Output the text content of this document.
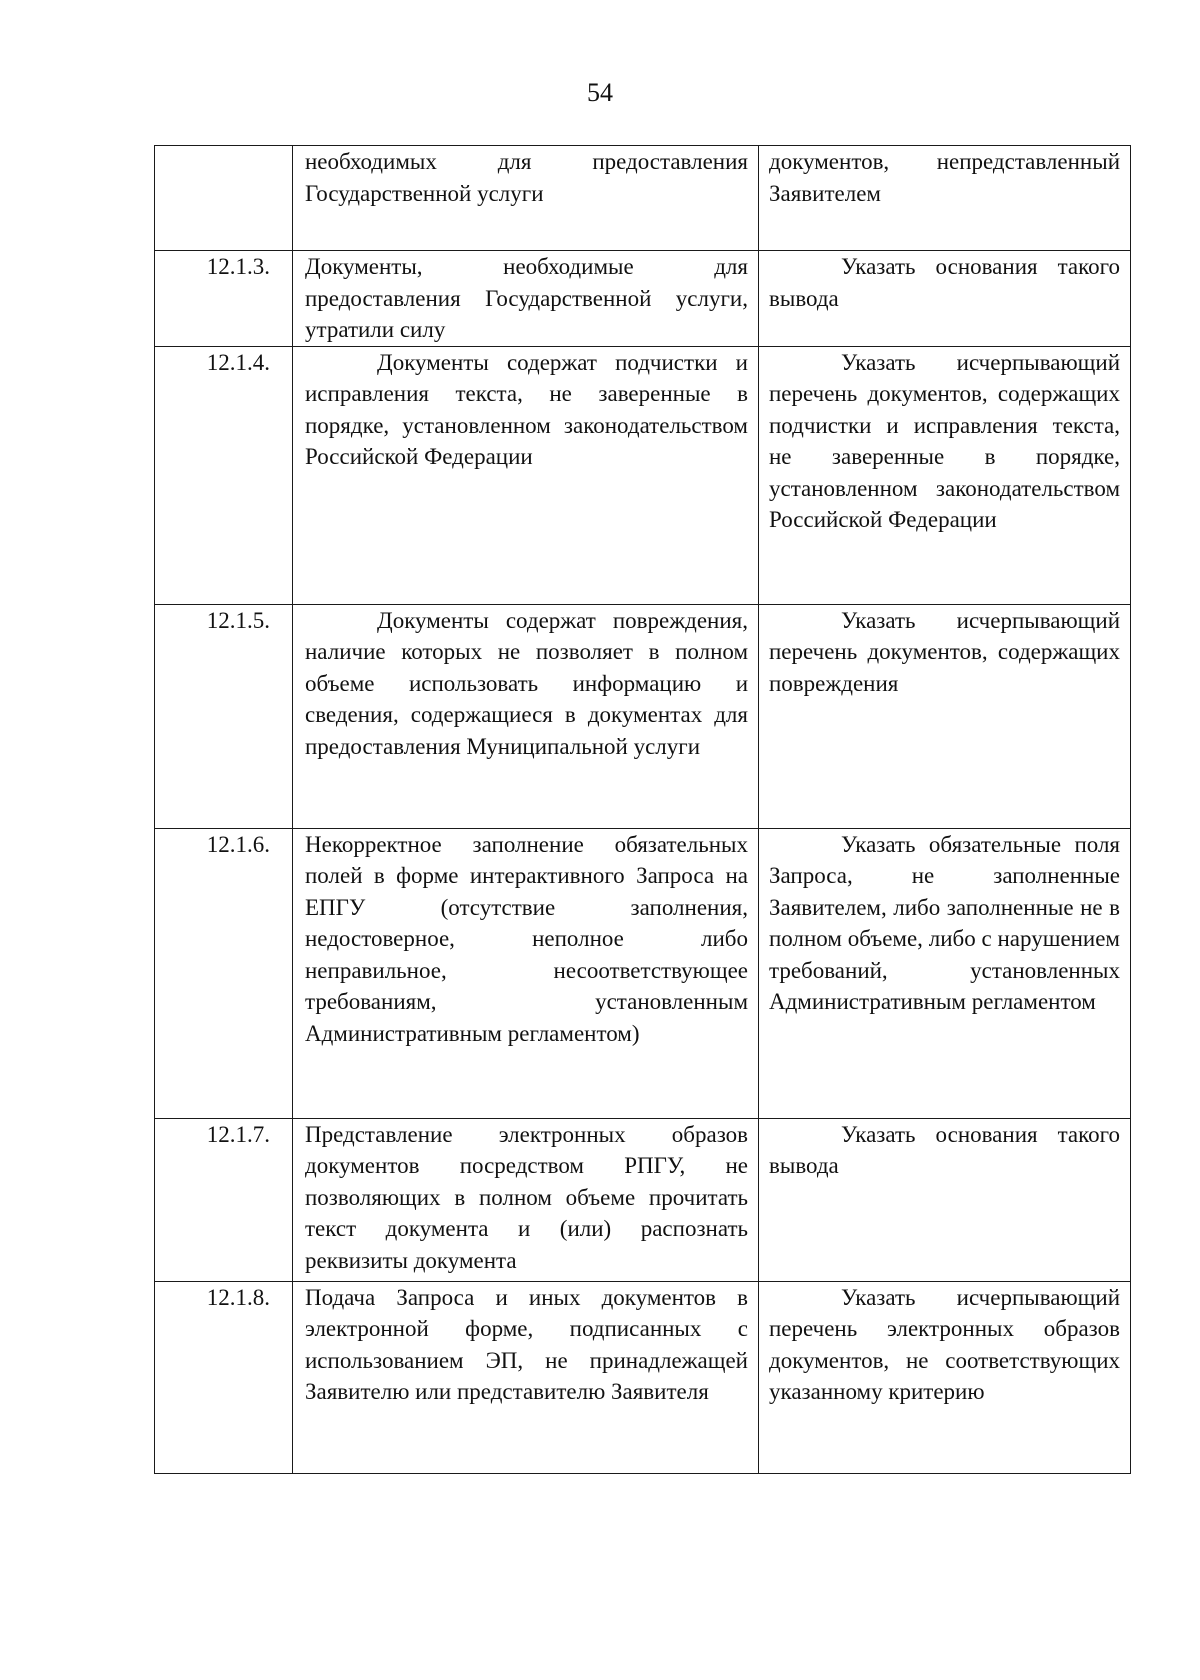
54

	необходимых для предоставления Государственной услуги	документов, непредставленный Заявителем

12.1.3.	Документы, необходимые для предоставления Государственной услуги, утратили силу	Указать основания такого вывода

12.1.4.	Документы содержат подчистки и исправления текста, не заверенные в порядке, установленном законодательством Российской Федерации	Указать исчерпывающий перечень документов, содержащих подчистки и исправления текста, не заверенные в порядке, установленном законодательством Российской Федерации

12.1.5.	Документы содержат повреждения, наличие которых не позволяет в полном объеме использовать информацию и сведения, содержащиеся в документах для предоставления Муниципальной услуги	Указать исчерпывающий перечень документов, содержащих повреждения

12.1.6.	Некорректное заполнение обязательных полей в форме интерактивного Запроса на ЕПГУ (отсутствие заполнения, недостоверное, неполное либо неправильное, несоответствующее требованиям, установленным Административным регламентом)	Указать обязательные поля Запроса, не заполненные Заявителем, либо заполненные не в полном объеме, либо с нарушением требований, установленных Административным регламентом

12.1.7.	Представление электронных образов документов посредством РПГУ, не позволяющих в полном объеме прочитать текст документа и (или) распознать реквизиты документа	Указать основания такого вывода

12.1.8.	Подача Запроса и иных документов в электронной форме, подписанных с использованием ЭП, не принадлежащей Заявителю или представителю Заявителя	Указать исчерпывающий перечень электронных образов документов, не соответствующих указанному критерию
